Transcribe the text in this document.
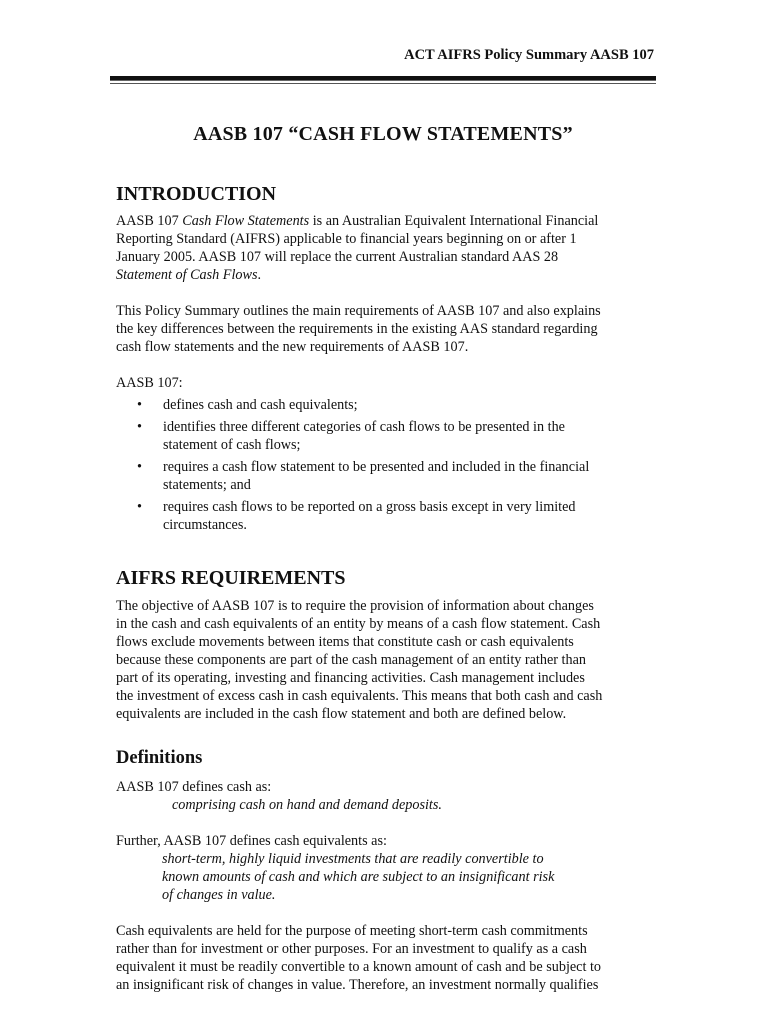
ACT AIFRS Policy Summary AASB 107
AASB 107 “CASH FLOW STATEMENTS”
INTRODUCTION

AASB 107 Cash Flow Statements is an Australian Equivalent International Financial

Reporting Standard (AIFRS) applicable to financial years beginning on or after 1

January 2005. AASB 107 will replace the current Australian standard AAS 28

Statement of Cash Flows.

This Policy Summary outlines the main requirements of AASB 107 and also explains

the key differences between the requirements in the existing AAS standard regarding

cash flow statements and the new requirements of AASB 107.

AASB 107:
• defines cash and cash equivalents;
• identifies three different categories of cash flows to be presented in the
statement of cash flows;
• requires a cash flow statement to be presented and included in the financial
statements; and
• requires cash flows to be reported on a gross basis except in very limited
circumstances.
AIFRS REQUIREMENTS

The objective of AASB 107 is to require the provision of information about changes

in the cash and cash equivalents of an entity by means of a cash flow statement. Cash

flows exclude movements between items that constitute cash or cash equivalents

because these components are part of the cash management of an entity rather than

part of its operating, investing and financing activities. Cash management includes

the investment of excess cash in cash equivalents. This means that both cash and cash

equivalents are included in the cash flow statement and both are defined below.

Definitions
AASB 107 defines cash as:
comprising cash on hand and demand deposits.
Further, AASB 107 defines cash equivalents as:
short-term, highly liquid investments that are readily convertible to
known amounts of cash and which are subject to an insignificant risk
of changes in value.

Cash equivalents are held for the purpose of meeting short-term cash commitments

rather than for investment or other purposes. For an investment to qualify as a cash

equivalent it must be readily convertible to a known amount of cash and be subject to

an insignificant risk of changes in value. Therefore, an investment normally qualifies
